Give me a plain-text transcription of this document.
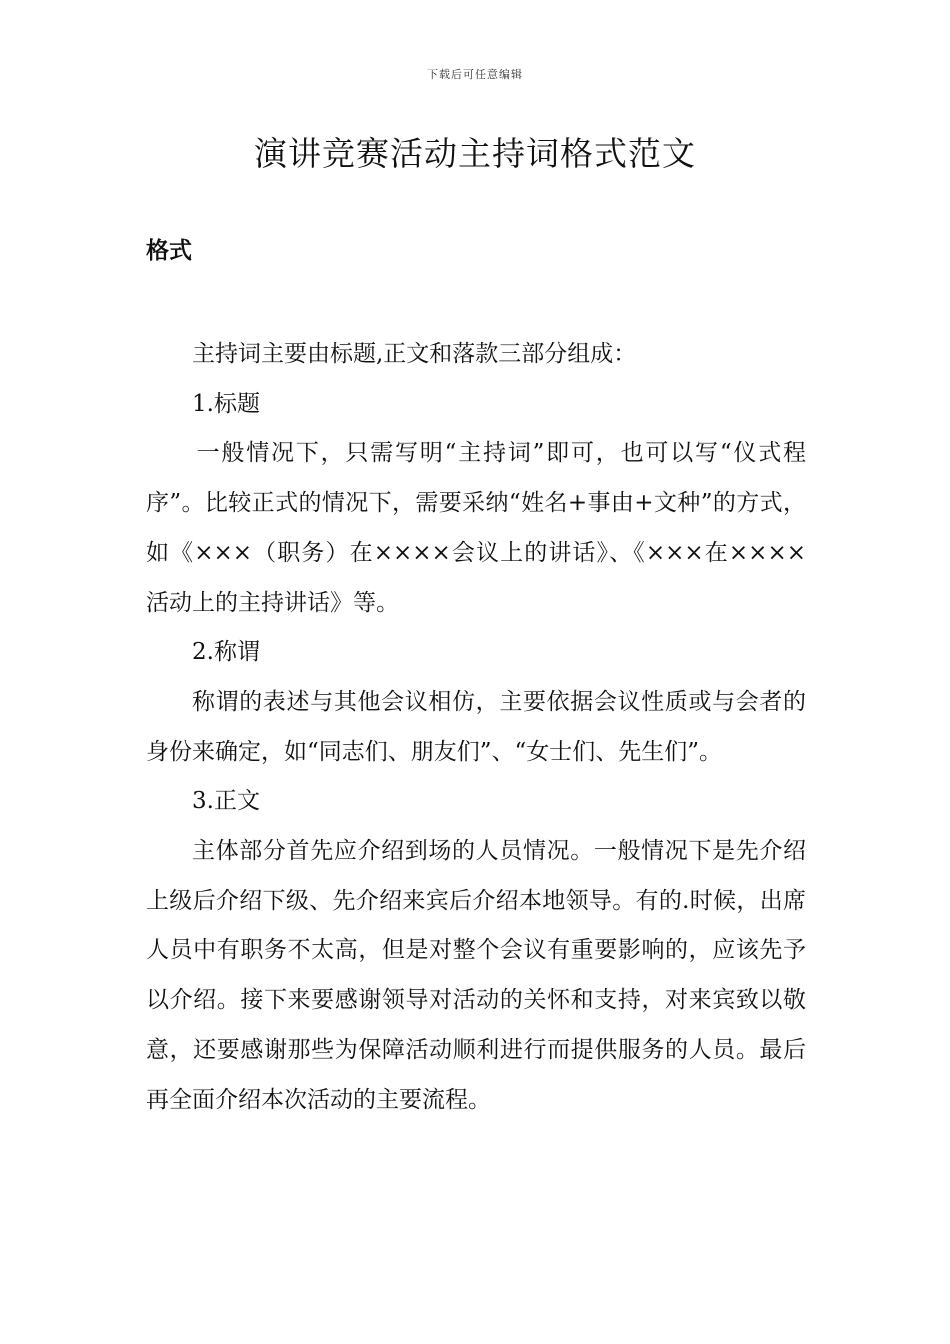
下载后可任意编辑
演讲竞赛活动主持词格式范文
格式

主持词主要由标题,正文和落款三部分组成：

1.标题

一般情况下，只需写明“主持词”即可，也可以写“仪式程序”。比较正式的情况下，需要采纳“姓名+事由+文种”的方式，如《×××（职务）在××××会议上的讲话》、《×××在××××活动上的主持讲话》等。

2.称谓

称谓的表述与其他会议相仿，主要依据会议性质或与会者的身份来确定，如“同志们、朋友们”、“女士们、先生们”。

3.正文

主体部分首先应介绍到场的人员情况。一般情况下是先介绍上级后介绍下级、先介绍来宾后介绍本地领导。有的.时候，出席人员中有职务不太高，但是对整个会议有重要影响的，应该先予以介绍。接下来要感谢领导对活动的关怀和支持，对来宾致以敬意，还要感谢那些为保障活动顺利进行而提供服务的人员。最后再全面介绍本次活动的主要流程。
